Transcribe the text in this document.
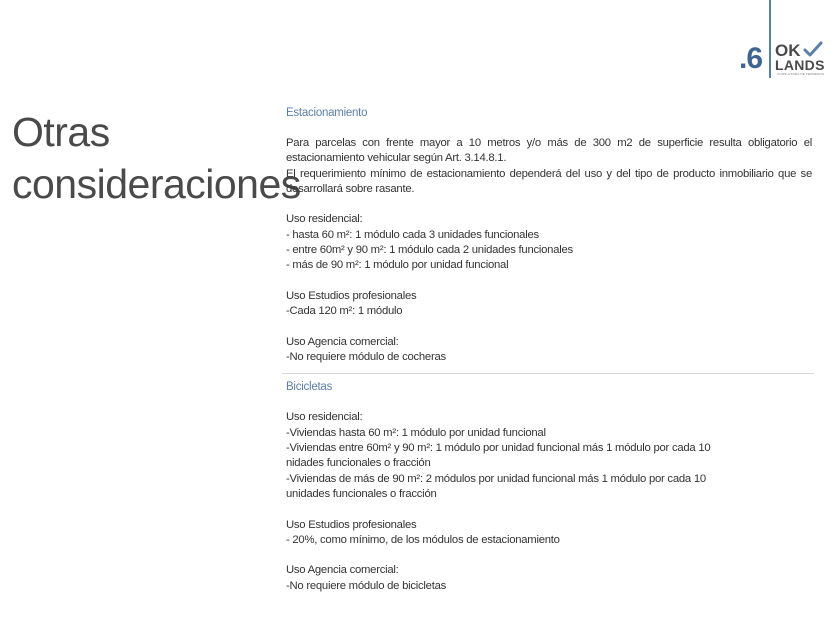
.6 OK
LANDS
CONSULTORA DE TERRENOS
Otras
consideraciones
Estacionamiento

Para parcelas con frente mayor a 10 metros y/o más de 300 m2 de superficie resulta obligatorio el estacionamiento vehicular según Art. 3.14.8.1.

El requerimiento mínimo de estacionamiento dependerá del uso y del tipo de producto inmobiliario que se desarrollará sobre rasante.

Uso residencial:

- hasta 60 m²: 1 módulo cada 3 unidades funcionales

- entre 60m² y 90 m²: 1 módulo cada 2 unidades funcionales

- más de 90 m²: 1 módulo por unidad funcional

Uso Estudios profesionales

-Cada 120 m²: 1 módulo

Uso Agencia comercial:

-No requiere módulo de cocheras

Bicicletas

Uso residencial:

-Viviendas hasta 60 m²: 1 módulo por unidad funcional

-Viviendas entre 60m² y 90 m²: 1 módulo por unidad funcional más 1 módulo por cada 10

nidades funcionales o fracción

-Viviendas de más de 90 m²: 2 módulos por unidad funcional más 1 módulo por cada 10

unidades funcionales o fracción

Uso Estudios profesionales

- 20%, como mínimo, de los módulos de estacionamiento

Uso Agencia comercial:

-No requiere módulo de bicicletas
